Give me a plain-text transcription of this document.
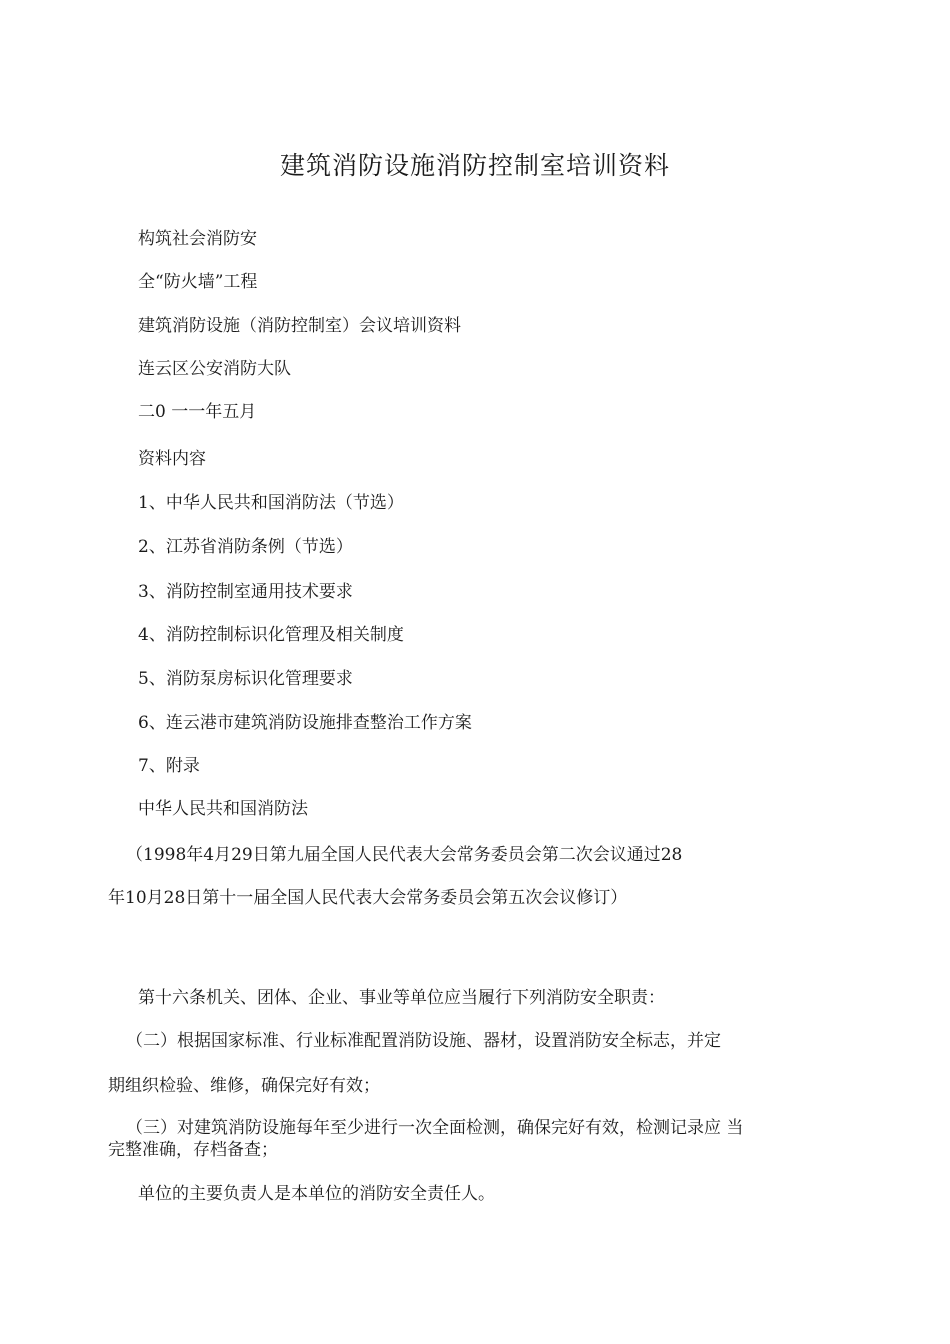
建筑消防设施消防控制室培训资料
构筑社会消防安
全“防火墙”工程
建筑消防设施（消防控制室）会议培训资料
连云区公安消防大队
二0 一一年五月
资料内容
1、中华人民共和国消防法（节选）
2、江苏省消防条例（节选）
3、消防控制室通用技术要求
4、消防控制标识化管理及相关制度
5、消防泵房标识化管理要求
6、连云港市建筑消防设施排查整治工作方案
7、附录
中华人民共和国消防法
（1998年4月29日第九届全国人民代表大会常务委员会第二次会议通过28
年10月28日第十一届全国人民代表大会常务委员会第五次会议修订）
第十六条机关、团体、企业、事业等单位应当履行下列消防安全职责：
（二）根据国家标准、行业标准配置消防设施、器材，设置消防安全标志，并定
期组织检验、维修，确保完好有效；
（三）对建筑消防设施每年至少进行一次全面检测，确保完好有效，检测记录应 当
完整准确，存档备查；
单位的主要负责人是本单位的消防安全责任人。
